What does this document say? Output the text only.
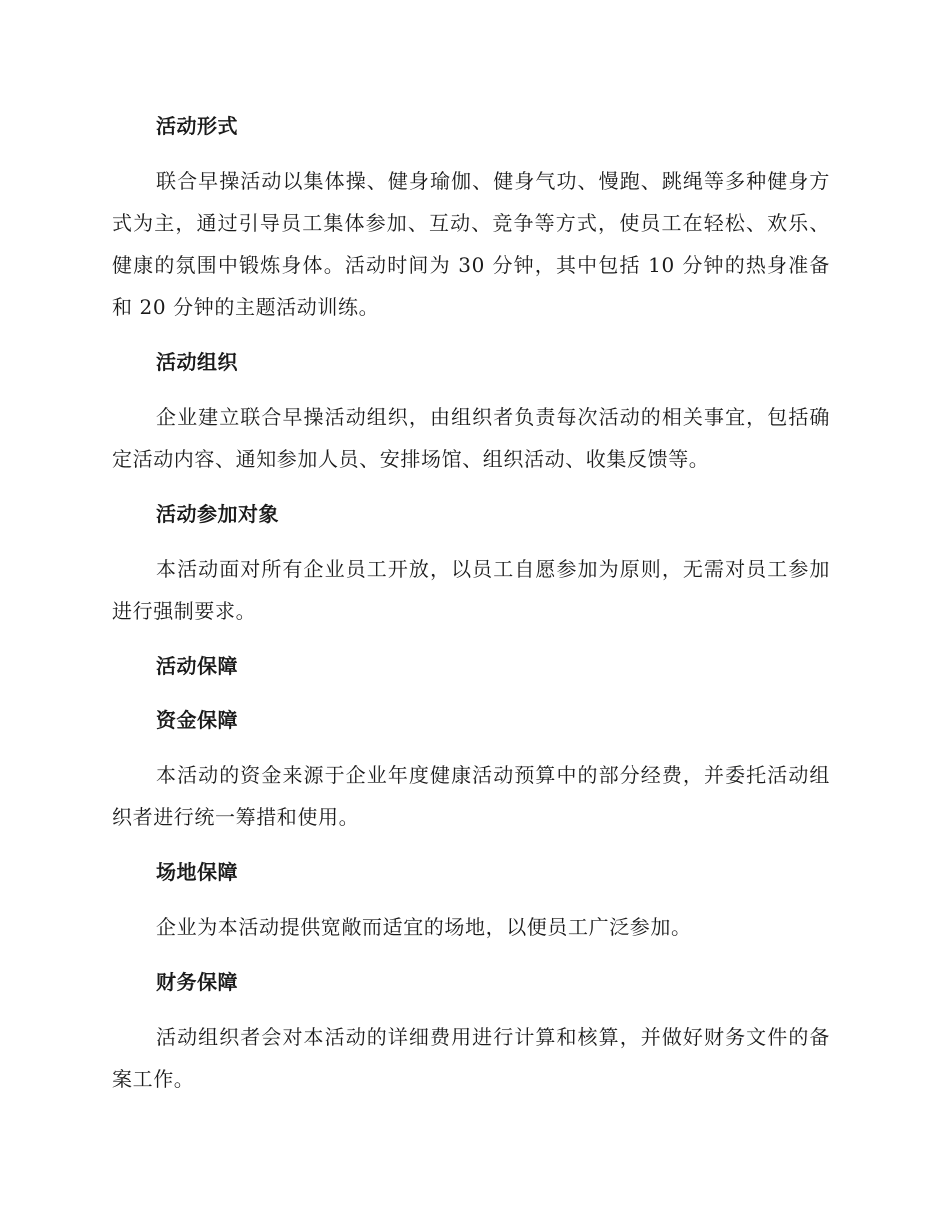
活动形式
联合早操活动以集体操、健身瑜伽、健身气功、慢跑、跳绳等多种健身方式为主，通过引导员工集体参加、互动、竞争等方式，使员工在轻松、欢乐、健康的氛围中锻炼身体。活动时间为 30 分钟，其中包括 10 分钟的热身准备和 20 分钟的主题活动训练。
活动组织
企业建立联合早操活动组织，由组织者负责每次活动的相关事宜，包括确定活动内容、通知参加人员、安排场馆、组织活动、收集反馈等。
活动参加对象
本活动面对所有企业员工开放，以员工自愿参加为原则，无需对员工参加进行强制要求。
活动保障
资金保障
本活动的资金来源于企业年度健康活动预算中的部分经费，并委托活动组织者进行统一筹措和使用。
场地保障
企业为本活动提供宽敞而适宜的场地，以便员工广泛参加。
财务保障
活动组织者会对本活动的详细费用进行计算和核算，并做好财务文件的备案工作。
